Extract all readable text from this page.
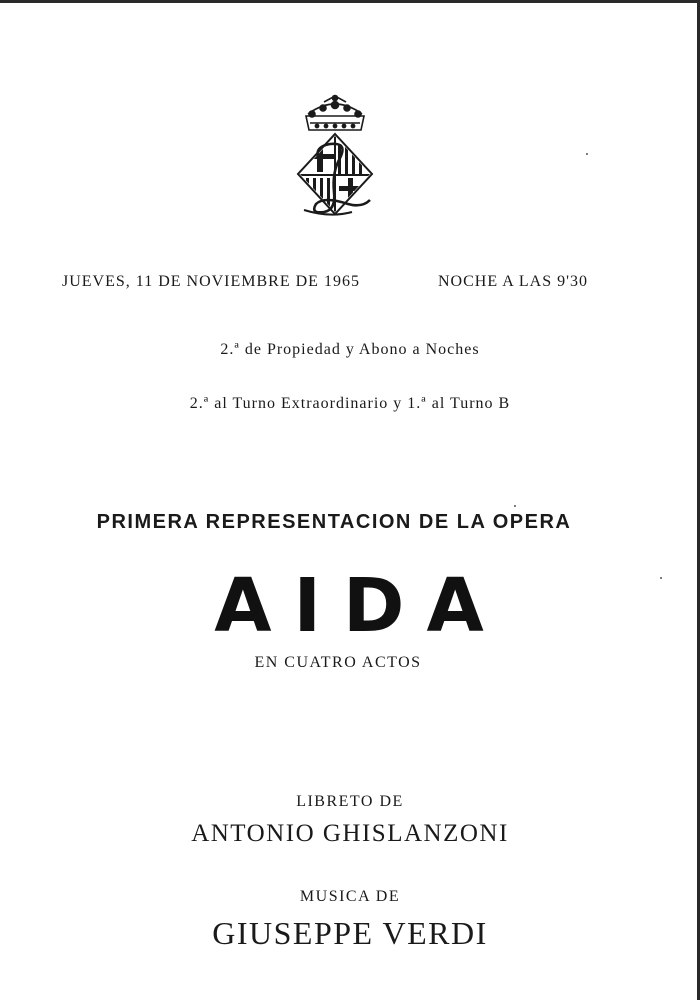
JUEVES, 11 DE NOVIEMBRE DE 1965	NOCHE A LAS 9'30
2.ª de Propiedad y Abono a Noches
2.ª al Turno Extraordinario y 1.ª al Turno B
PRIMERA REPRESENTACION DE LA OPERA
AIDA
EN CUATRO ACTOS
LIBRETO DE
ANTONIO GHISLANZONI
MUSICA DE
GIUSEPPE VERDI
